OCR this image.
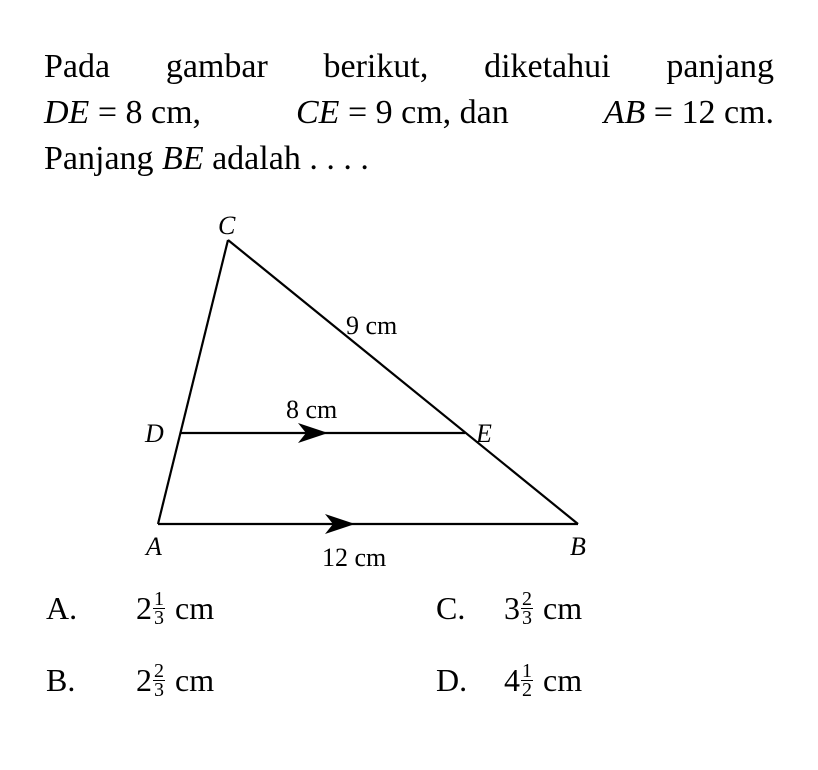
Pada gambar berikut, diketahui panjang
DE = 8 cm,	CE = 9 cm, dan	AB = 12 cm.
Panjang BE adalah . . . .
C
D	E
A	B
9 cm
8 cm
12 cm
A.	$2 \frac{1}{3}$ cm	C.	$3 \frac{2}{3}$ cm
B.	$2 \frac{2}{3}$ cm	D.	$4 \frac{1}{2}$ cm
